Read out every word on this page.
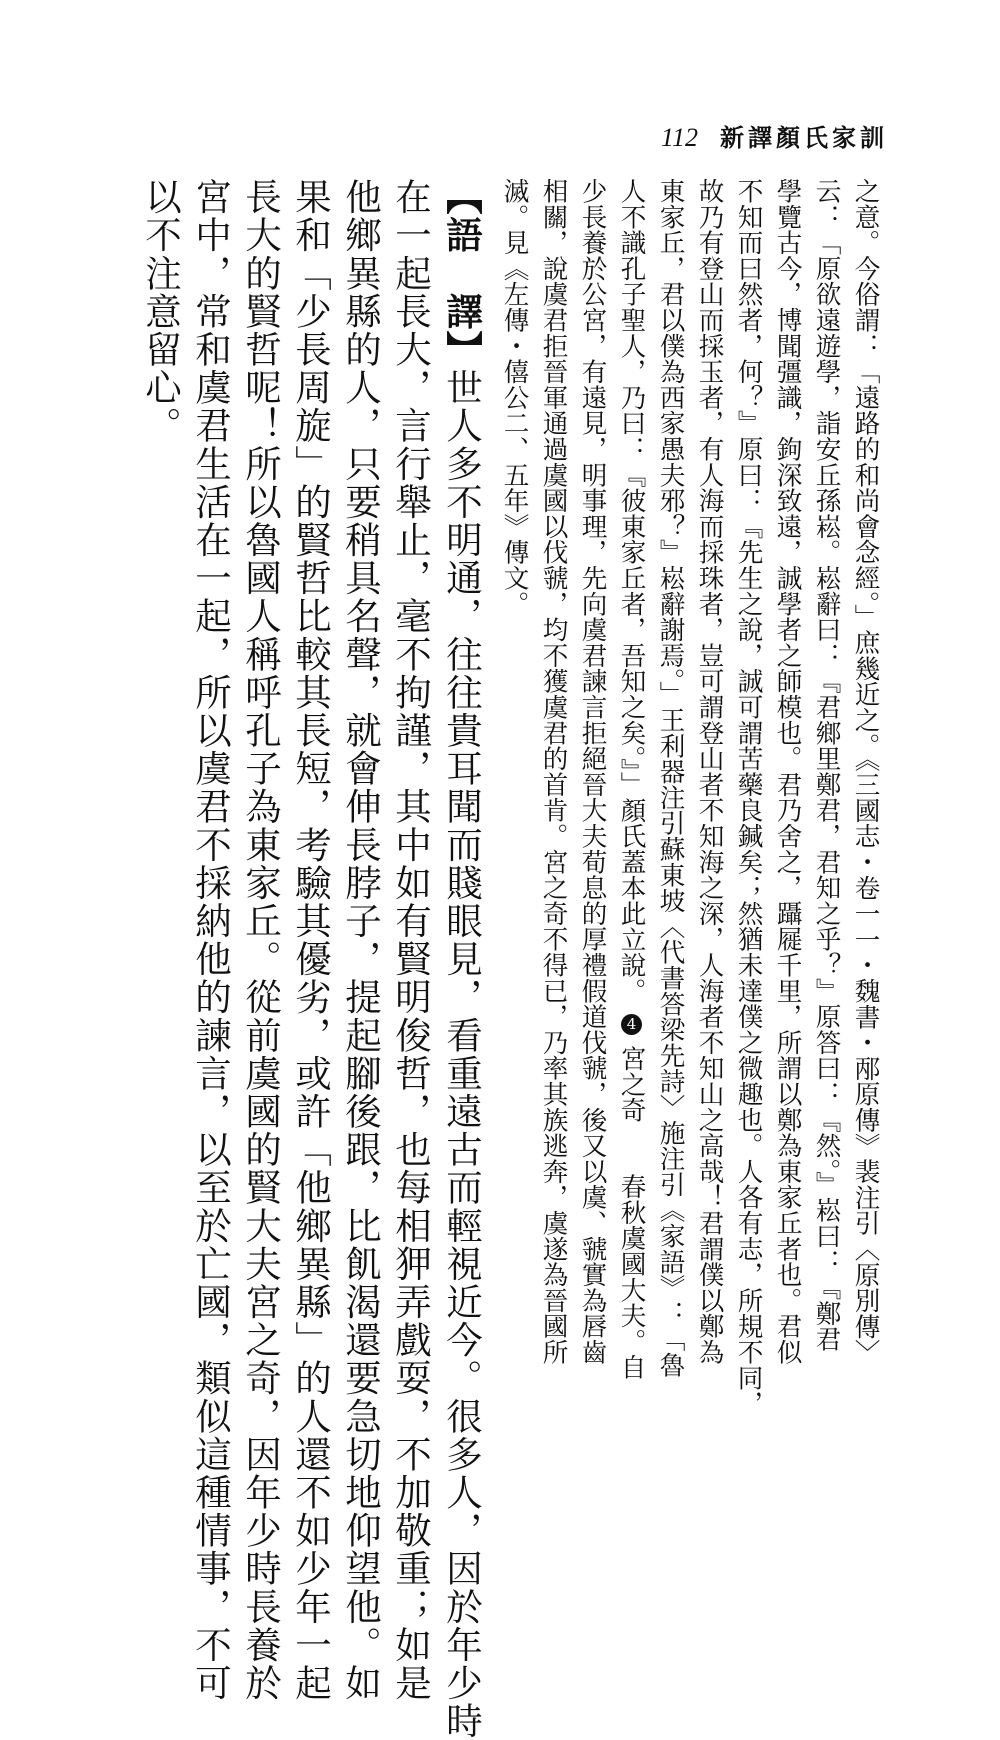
112 新譯顏氏家訓
之意。今俗謂：「遠路的和尚會念經。」庶幾近之。《三國志・卷一一・魏書・邴原傳》裴注引〈原別傳〉
云：「原欲遠遊學，詣安丘孫崧。崧辭曰：『君鄉里鄭君，君知之乎？』原答曰：『然。』崧曰：『鄭君
學覽古今，博聞彊識，鉤深致遠，誠學者之師模也。君乃舍之，躡屣千里，所謂以鄭為東家丘者也。君似
不知而曰然者，何？』原曰：『先生之說，誠可謂苦藥良鍼矣；然猶未達僕之微趣也。人各有志，所規不同，
故乃有登山而採玉者，有人海而採珠者，豈可謂登山者不知海之深，人海者不知山之高哉！君謂僕以鄭為
東家丘，君以僕為西家愚夫邪？』崧辭謝焉。」王利器注引蘇東坡〈代書答梁先詩〉施注引《家語》：「魯
人不識孔子聖人，乃曰：『彼東家丘者，吾知之矣。』」顏氏蓋本此立說。 4 宮之奇  春秋虞國大夫。自
少長養於公宮，有遠見，明事理，先向虞君諫言拒絕晉大夫荀息的厚禮假道伐虢，後又以虞、虢實為唇齒
相關，說虞君拒晉軍通過虞國以伐虢，均不獲虞君的首肯。宮之奇不得已，乃率其族逃奔，虞遂為晉國所
滅。見《左傳・僖公二、五年》傳文。
【語　譯】世人多不明通，往往貴耳聞而賤眼見，看重遠古而輕視近今。很多人，因於年少時
在一起長大，言行舉止，毫不拘謹，其中如有賢明俊哲，也每相狎弄戲耍，不加敬重；如是
他鄉異縣的人，只要稍具名聲，就會伸長脖子，提起腳後跟，比飢渴還要急切地仰望他。如
果和「少長周旋」的賢哲比較其長短，考驗其優劣，或許「他鄉異縣」的人還不如少年一起
長大的賢哲呢！所以魯國人稱呼孔子為東家丘。從前虞國的賢大夫宮之奇，因年少時長養於
宮中，常和虞君生活在一起，所以虞君不採納他的諫言，以至於亡國，類似這種情事，不可
以不注意留心。
